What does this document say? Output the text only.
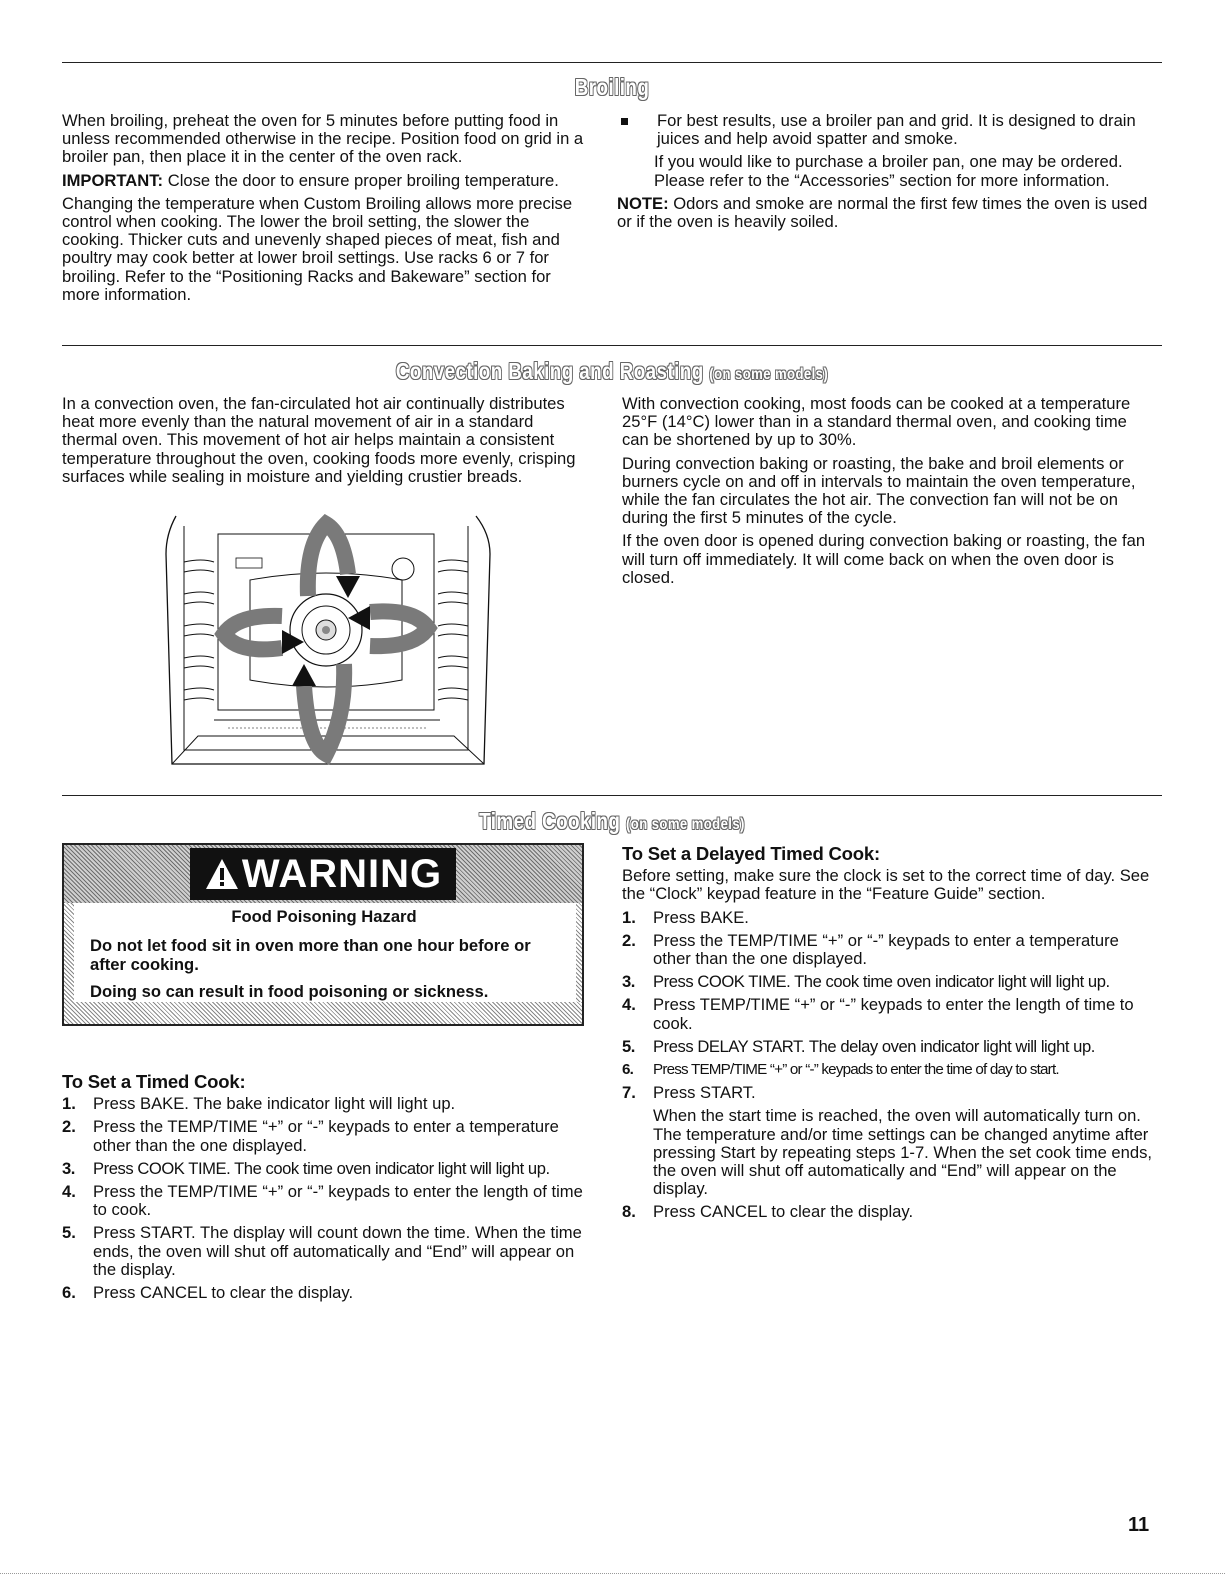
Broiling

When broiling, preheat the oven for 5 minutes before putting food in unless recommended otherwise in the recipe. Position food on grid in a broiler pan, then place it in the center of the oven rack.

IMPORTANT: Close the door to ensure proper broiling temperature.

Changing the temperature when Custom Broiling allows more precise control when cooking. The lower the broil setting, the slower the cooking. Thicker cuts and unevenly shaped pieces of meat, fish and poultry may cook better at lower broil settings. Use racks 6 or 7 for broiling. Refer to the “Positioning Racks and Bakeware” section for more information.

For best results, use a broiler pan and grid. It is designed to drain juices and help avoid spatter and smoke.

If you would like to purchase a broiler pan, one may be ordered. Please refer to the “Accessories” section for more information.

NOTE: Odors and smoke are normal the first few times the oven is used or if the oven is heavily soiled.

Convection Baking and Roasting (on some models)

In a convection oven, the fan-circulated hot air continually distributes heat more evenly than the natural movement of air in a standard thermal oven. This movement of hot air helps maintain a consistent temperature throughout the oven, cooking foods more evenly, crisping surfaces while sealing in moisture and yielding crustier breads.

With convection cooking, most foods can be cooked at a temperature 25°F (14°C) lower than in a standard thermal oven, and cooking time can be shortened by up to 30%.

During convection baking or roasting, the bake and broil elements or burners cycle on and off in intervals to maintain the oven temperature, while the fan circulates the hot air. The convection fan will not be on during the first 5 minutes of the cycle.

If the oven door is opened during convection baking or roasting, the fan will turn off immediately. It will come back on when the oven door is closed.

Timed Cooking (on some models)
WARNING
Food Poisoning Hazard

Do not let food sit in oven more than one hour before or after cooking.

Doing so can result in food poisoning or sickness.

To Set a Timed Cook:
1. Press BAKE. The bake indicator light will light up.
2. Press the TEMP/TIME “+” or “-” keypads to enter a temperature other than the one displayed.
3. Press COOK TIME. The cook time oven indicator light will light up.
4. Press the TEMP/TIME “+” or “-” keypads to enter the length of time to cook.
5. Press START. The display will count down the time. When the time ends, the oven will shut off automatically and “End” will appear on the display.
6. Press CANCEL to clear the display.
To Set a Delayed Timed Cook:

Before setting, make sure the clock is set to the correct time of day. See the “Clock” keypad feature in the “Feature Guide” section.

1. Press BAKE.
2. Press the TEMP/TIME “+” or “-” keypads to enter a temperature other than the one displayed.
3. Press COOK TIME. The cook time oven indicator light will light up.
4. Press TEMP/TIME “+” or “-” keypads to enter the length of time to cook.
5. Press DELAY START. The delay oven indicator light will light up.
6. Press TEMP/TIME “+” or “-” keypads to enter the time of day to start.
7. Press START.
When the start time is reached, the oven will automatically turn on. The temperature and/or time settings can be changed anytime after pressing Start by repeating steps 1-7. When the set cook time ends, the oven will shut off automatically and “End” will appear on the display.
8. Press CANCEL to clear the display.
11
